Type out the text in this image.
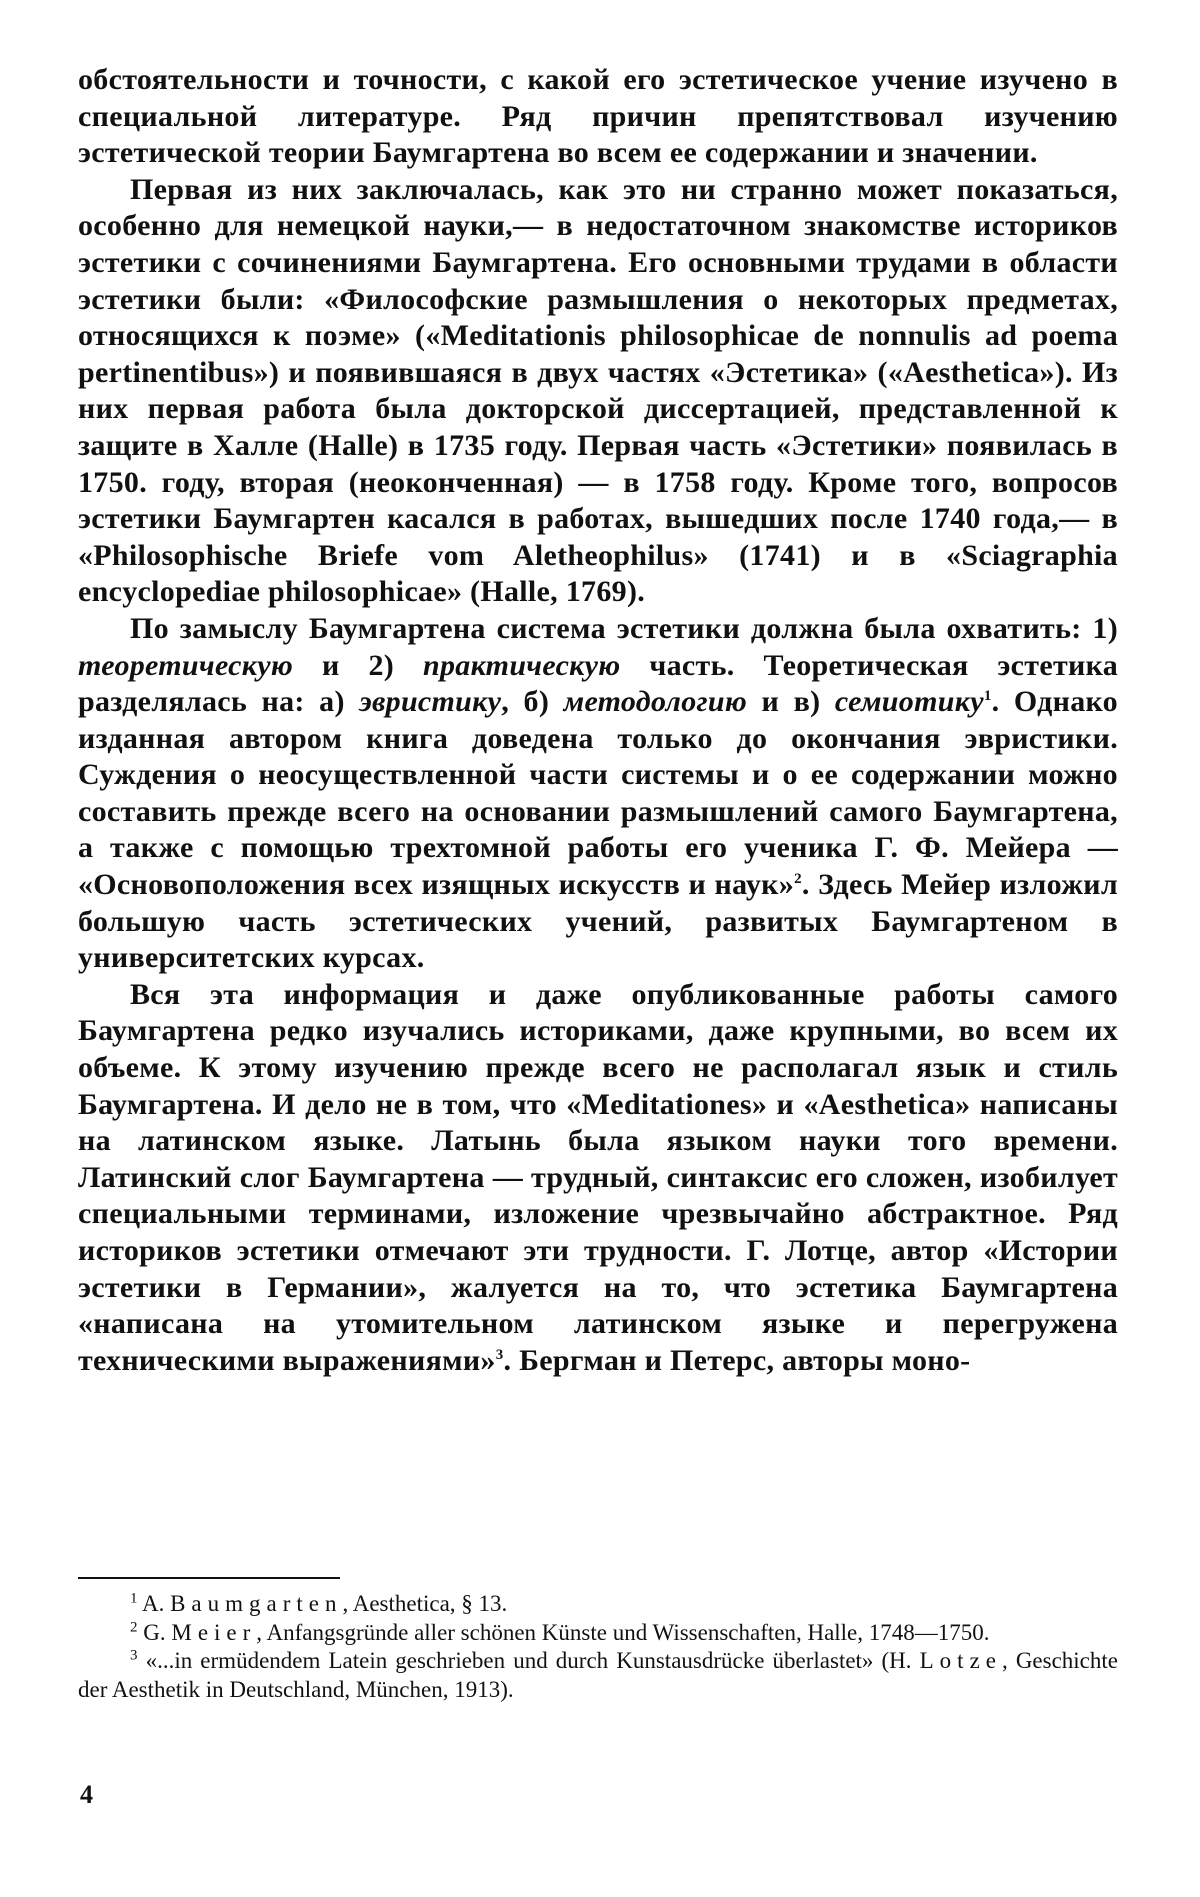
обстоятельности и точности, с какой его эстетическое учение изучено в специальной литературе. Ряд причин препятствовал изучению эстетической теории Баумгартена во всем ее содержании и значении.

Первая из них заключалась, как это ни странно может показаться, особенно для немецкой науки,— в недостаточном знакомстве историков эстетики с сочинениями Баумгартена. Его основными трудами в области эстетики были: «Философские размышления о некоторых предметах, относящихся к поэме» («Meditationis philosophicae de nonnulis ad poema pertinentibus») и появившаяся в двух частях «Эстетика» («Aesthetica»). Из них первая работа была докторской диссертацией, представленной к защите в Халле (Halle) в 1735 году. Первая часть «Эстетики» появилась в 1750. году, вторая (неоконченная) — в 1758 году. Кроме того, вопросов эстетики Баумгартен касался в работах, вышедших после 1740 года,— в «Philosophische Briefe vom Aletheophilus» (1741) и в «Sciagraphia encyclopediae philosophicae» (Halle, 1769).

По замыслу Баумгартена система эстетики должна была охватить: 1) теоретическую и 2) практическую часть. Теоретическая эстетика разделялась на: а) эвристику, б) методологию и в) семиотику$^1$. Однако изданная автором книга доведена только до окончания эвристики. Суждения о неосуществленной части системы и о ее содержании можно составить прежде всего на основании размышлений самого Баумгартена, а также с помощью трехтомной работы его ученика Г. Ф. Мейера — «Основоположения всех изящных искусств и наук»$^2$. Здесь Мейер изложил большую часть эстетических учений, развитых Баумгартеном в университетских курсах.

Вся эта информация и даже опубликованные работы самого Баумгартена редко изучались историками, даже крупными, во всем их объеме. К этому изучению прежде всего не располагал язык и стиль Баумгартена. И дело не в том, что «Meditationes» и «Aesthetica» написаны на латинском языке. Латынь была языком науки того времени. Латинский слог Баумгартена — трудный, синтаксис его сложен, изобилует специальными терминами, изложение чрезвычайно абстрактное. Ряд историков эстетики отмечают эти трудности. Г. Лотце, автор «Истории эстетики в Германии», жалуется на то, что эстетика Баумгартена «написана на утомительном латинском языке и перегружена техническими выражениями»$^3$. Бергман и Петерс, авторы моно-

$^1$ A. Baumgarten, Aesthetica, § 13.

$^2$ G. Meier, Anfangsgründe aller schönen Künste und Wissenschaften, Halle, 1748—1750.

$^3$ «...in ermüdendem Latein geschrieben und durch Kunstausdrücke überlastet» (H. Lotze, Geschichte der Aesthetik in Deutschland, München, 1913).

4
